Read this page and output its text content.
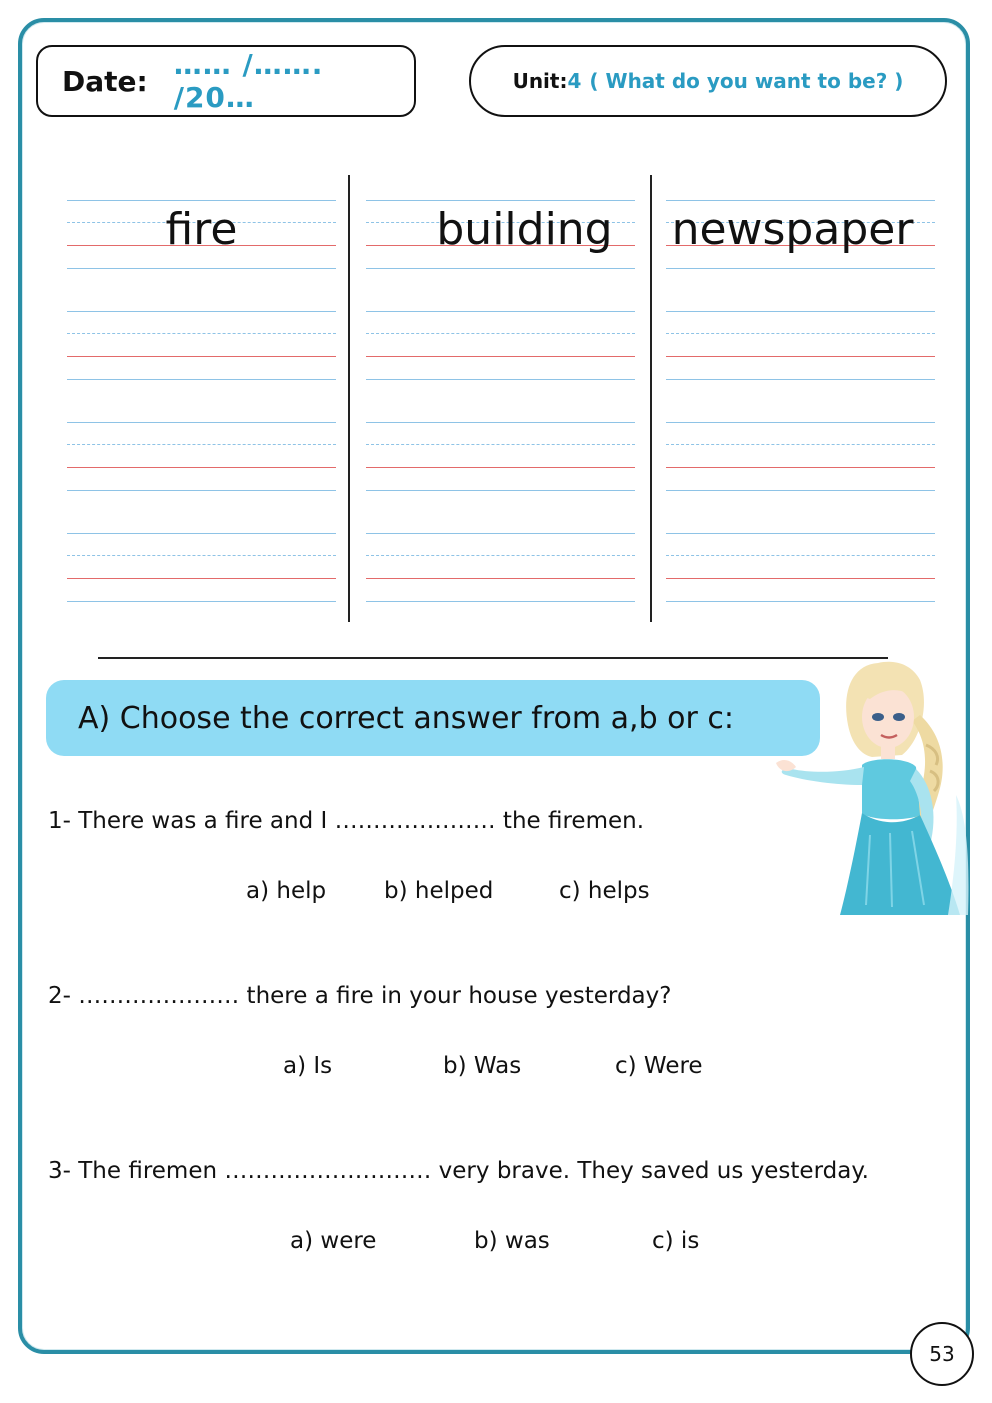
Date: …… /……. /20…	Unit: 4 ( What do you want to be? )
fire	building	newspaper
A) Choose the correct answer from a,b or c:
1- There was a fire and I ………………… the firemen.
a) help	b) helped	c) helps
2- ………………… there a fire in your house yesterday?
a) Is	b) Was	c) Were
3- The firemen ……………………… very brave. They saved us yesterday.
a) were	b) was	c) is
53
